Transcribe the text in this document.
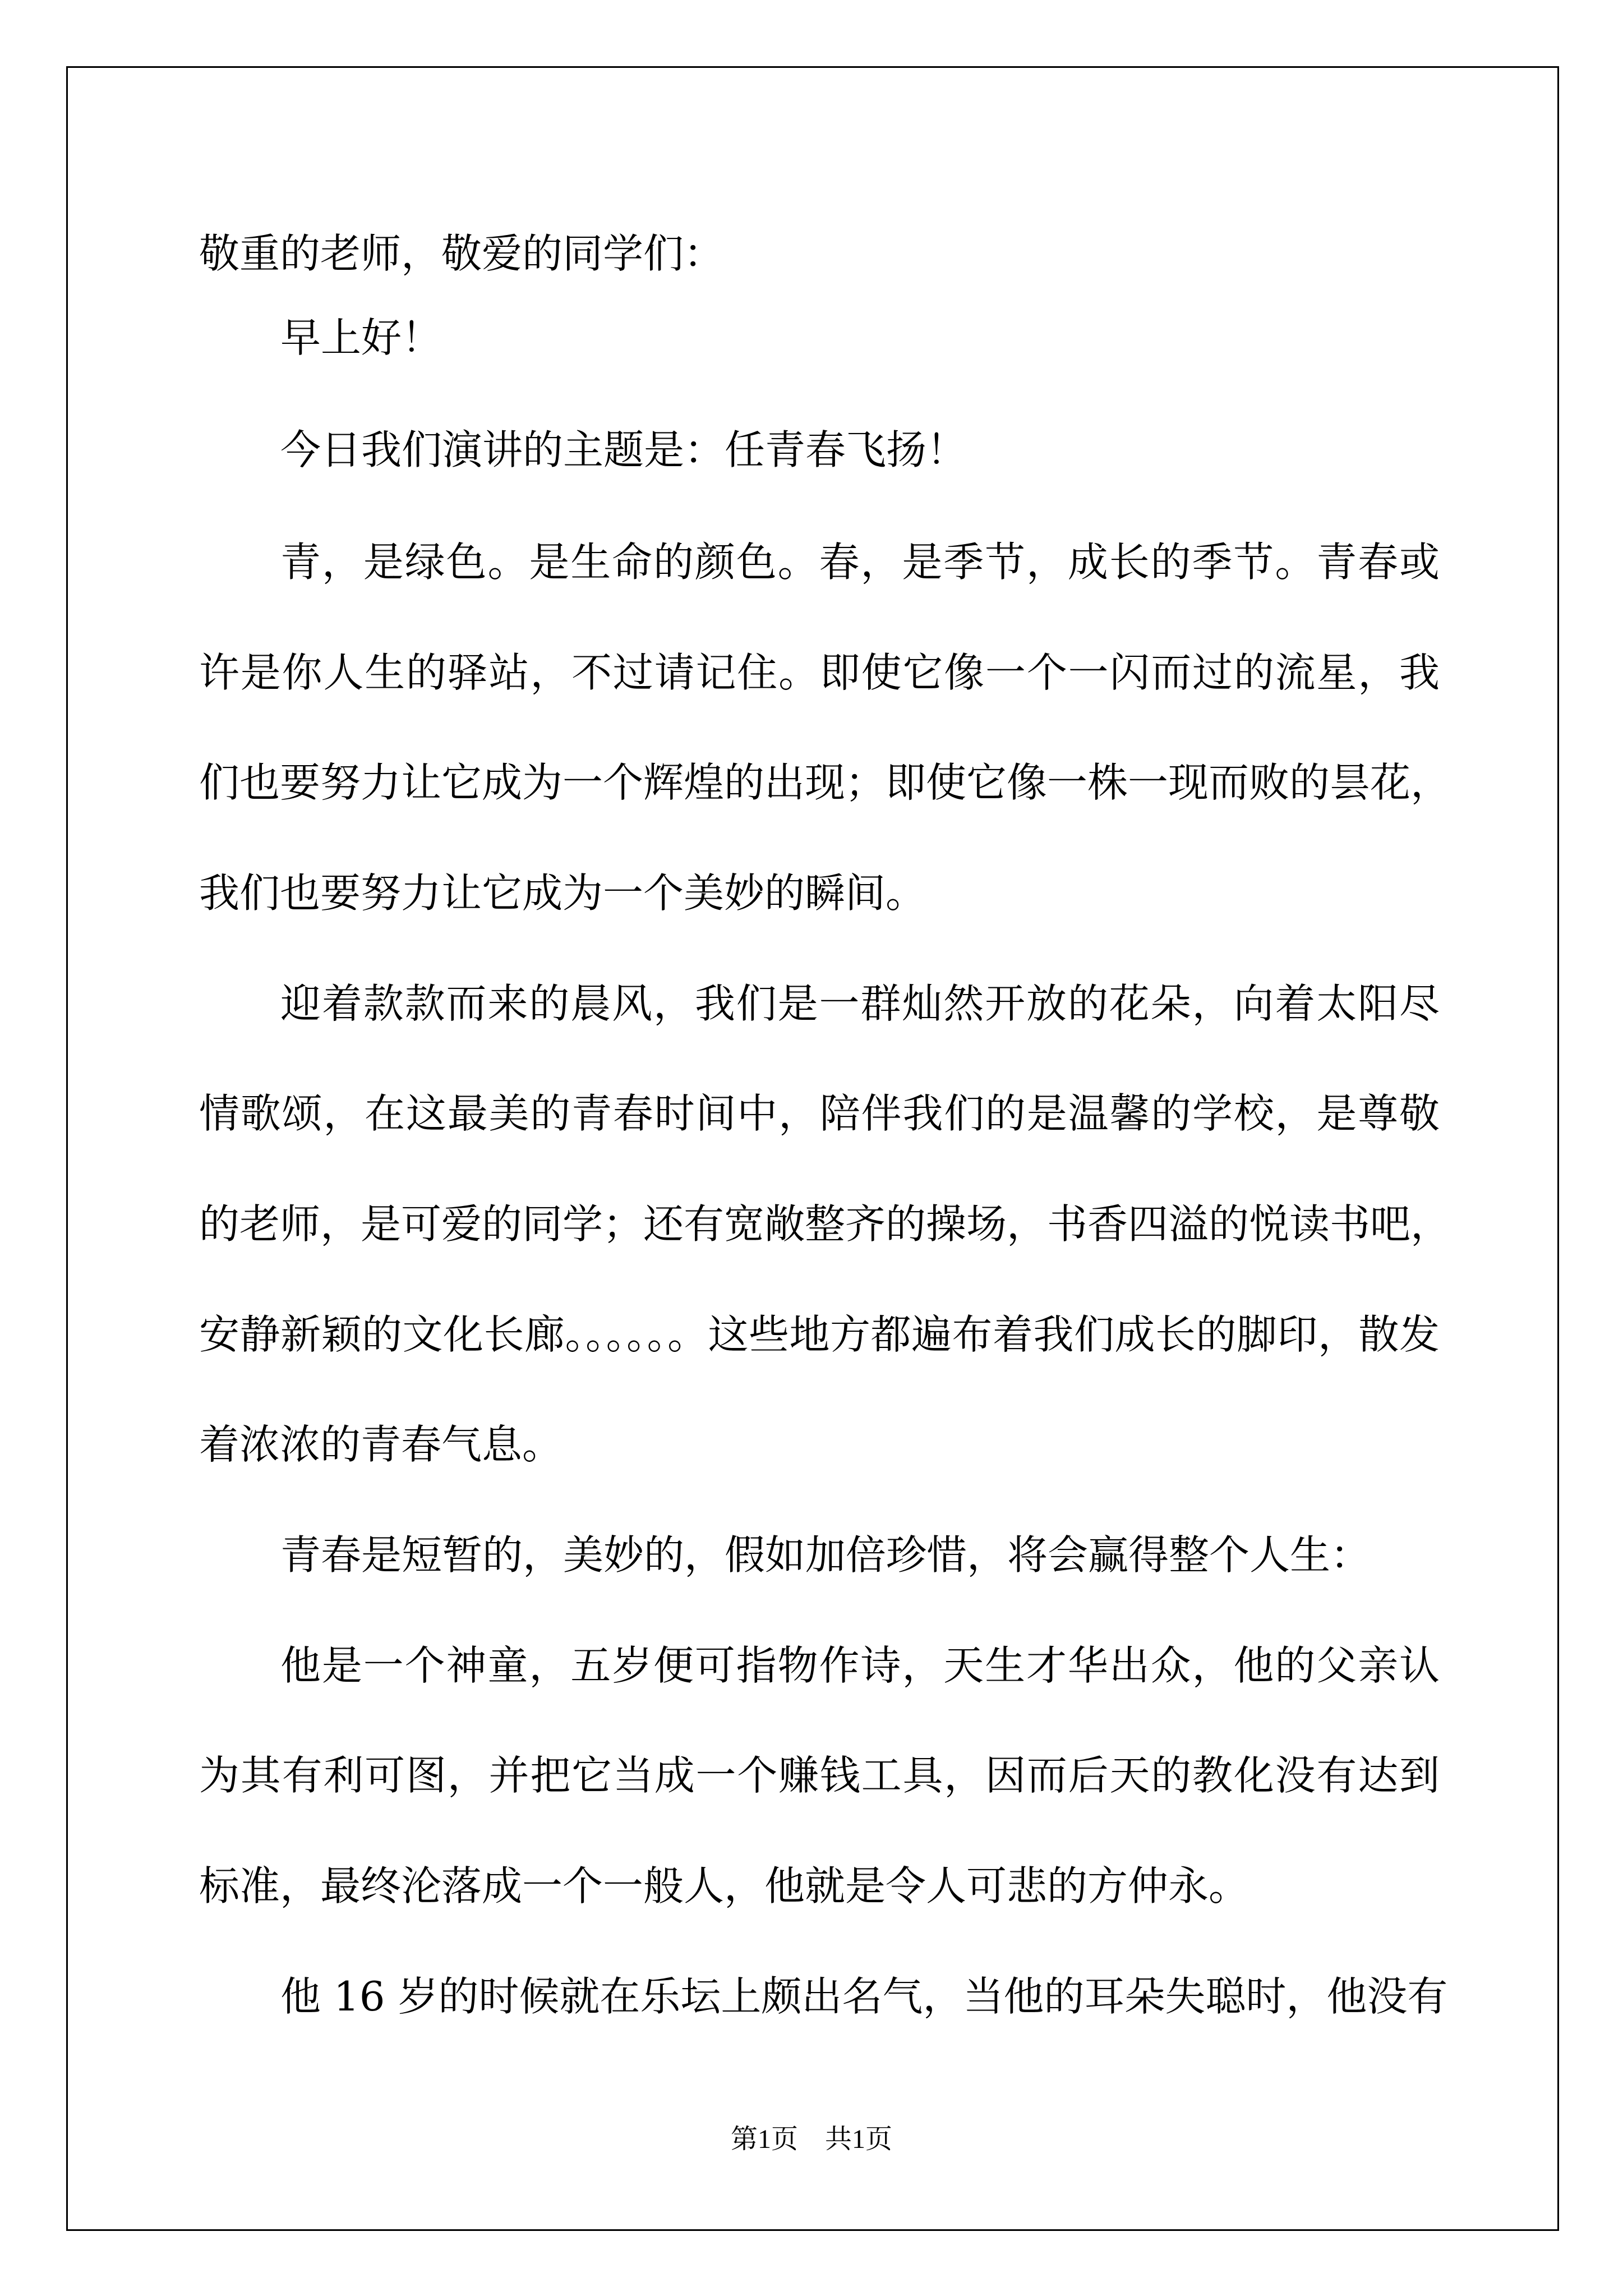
敬重的老师，敬爱的同学们：
早上好！
今日我们演讲的主题是：任青春飞扬！
青，是绿色。是生命的颜色。春，是季节，成长的季节。青春或
许是你人生的驿站，不过请记住。即使它像一个一闪而过的流星，我
们也要努力让它成为一个辉煌的出现；即使它像一株一现而败的昙花，
我们也要努力让它成为一个美妙的瞬间。
迎着款款而来的晨风，我们是一群灿然开放的花朵，向着太阳尽
情歌颂，在这最美的青春时间中，陪伴我们的是温馨的学校，是尊敬
的老师，是可爱的同学；还有宽敞整齐的操场，书香四溢的悦读书吧，
安静新颖的文化长廊。。。。。。这些地方都遍布着我们成长的脚印，散发
着浓浓的青春气息。
青春是短暂的，美妙的，假如加倍珍惜，将会赢得整个人生：
他是一个神童，五岁便可指物作诗，天生才华出众，他的父亲认
为其有利可图，并把它当成一个赚钱工具，因而后天的教化没有达到
标准，最终沦落成一个一般人，他就是令人可悲的方仲永。
他 16 岁的时候就在乐坛上颇出名气，当他的耳朵失聪时，他没有
第1页 共1页
